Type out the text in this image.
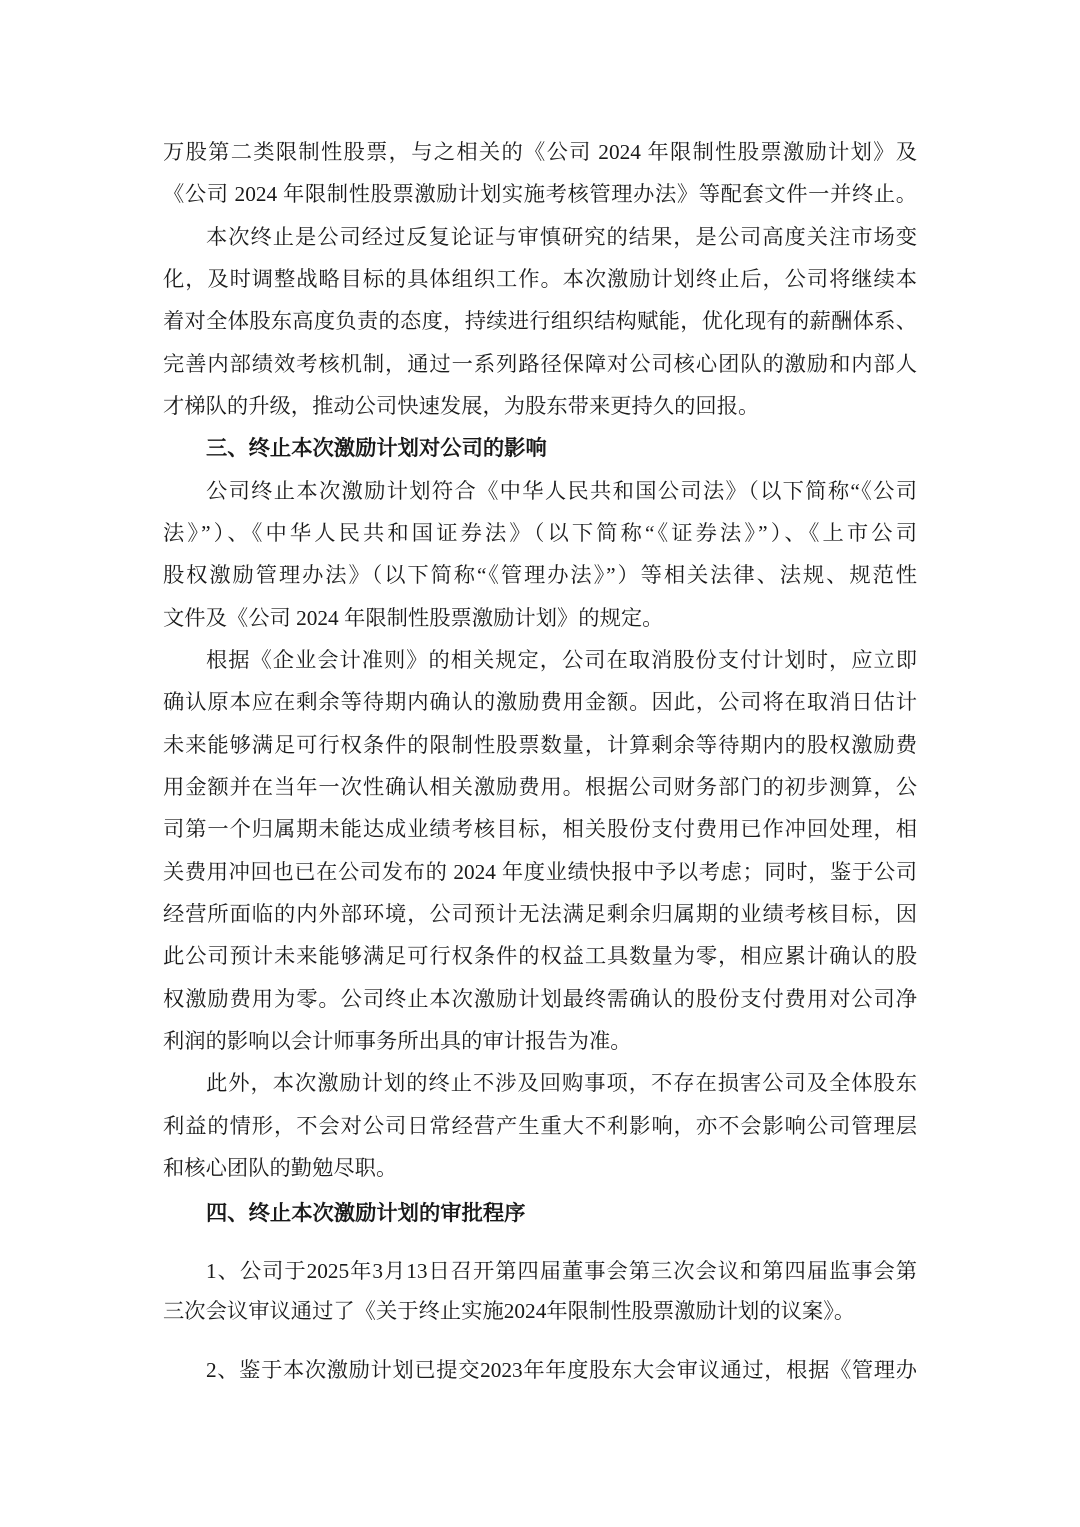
万股第二类限制性股票，与之相关的《公司 2024 年限制性股票激励计划》及
《公司 2024 年限制性股票激励计划实施考核管理办法》等配套文件一并终止。
本次终止是公司经过反复论证与审慎研究的结果，是公司高度关注市场变
化，及时调整战略目标的具体组织工作。本次激励计划终止后，公司将继续本
着对全体股东高度负责的态度，持续进行组织结构赋能，优化现有的薪酬体系、
完善内部绩效考核机制，通过一系列路径保障对公司核心团队的激励和内部人
才梯队的升级，推动公司快速发展，为股东带来更持久的回报。
三、终止本次激励计划对公司的影响
公司终止本次激励计划符合《中华人民共和国公司法》（以下简称“《公司
法》”）、《中华人民共和国证券法》（以下简称“《证券法》”）、《上市公司
股权激励管理办法》（以下简称“《管理办法》”）等相关法律、法规、规范性
文件及《公司 2024 年限制性股票激励计划》的规定。
根据《企业会计准则》的相关规定，公司在取消股份支付计划时，应立即
确认原本应在剩余等待期内确认的激励费用金额。因此，公司将在取消日估计
未来能够满足可行权条件的限制性股票数量，计算剩余等待期内的股权激励费
用金额并在当年一次性确认相关激励费用。根据公司财务部门的初步测算，公
司第一个归属期未能达成业绩考核目标，相关股份支付费用已作冲回处理，相
关费用冲回也已在公司发布的 2024 年度业绩快报中予以考虑；同时，鉴于公司
经营所面临的内外部环境，公司预计无法满足剩余归属期的业绩考核目标，因
此公司预计未来能够满足可行权条件的权益工具数量为零，相应累计确认的股
权激励费用为零。公司终止本次激励计划最终需确认的股份支付费用对公司净
利润的影响以会计师事务所出具的审计报告为准。
此外，本次激励计划的终止不涉及回购事项，不存在损害公司及全体股东
利益的情形，不会对公司日常经营产生重大不利影响，亦不会影响公司管理层
和核心团队的勤勉尽职。
四、终止本次激励计划的审批程序
1、公司于2025年3月13日召开第四届董事会第三次会议和第四届监事会第
三次会议审议通过了《关于终止实施2024年限制性股票激励计划的议案》。
2、鉴于本次激励计划已提交2023年年度股东大会审议通过，根据《管理办
